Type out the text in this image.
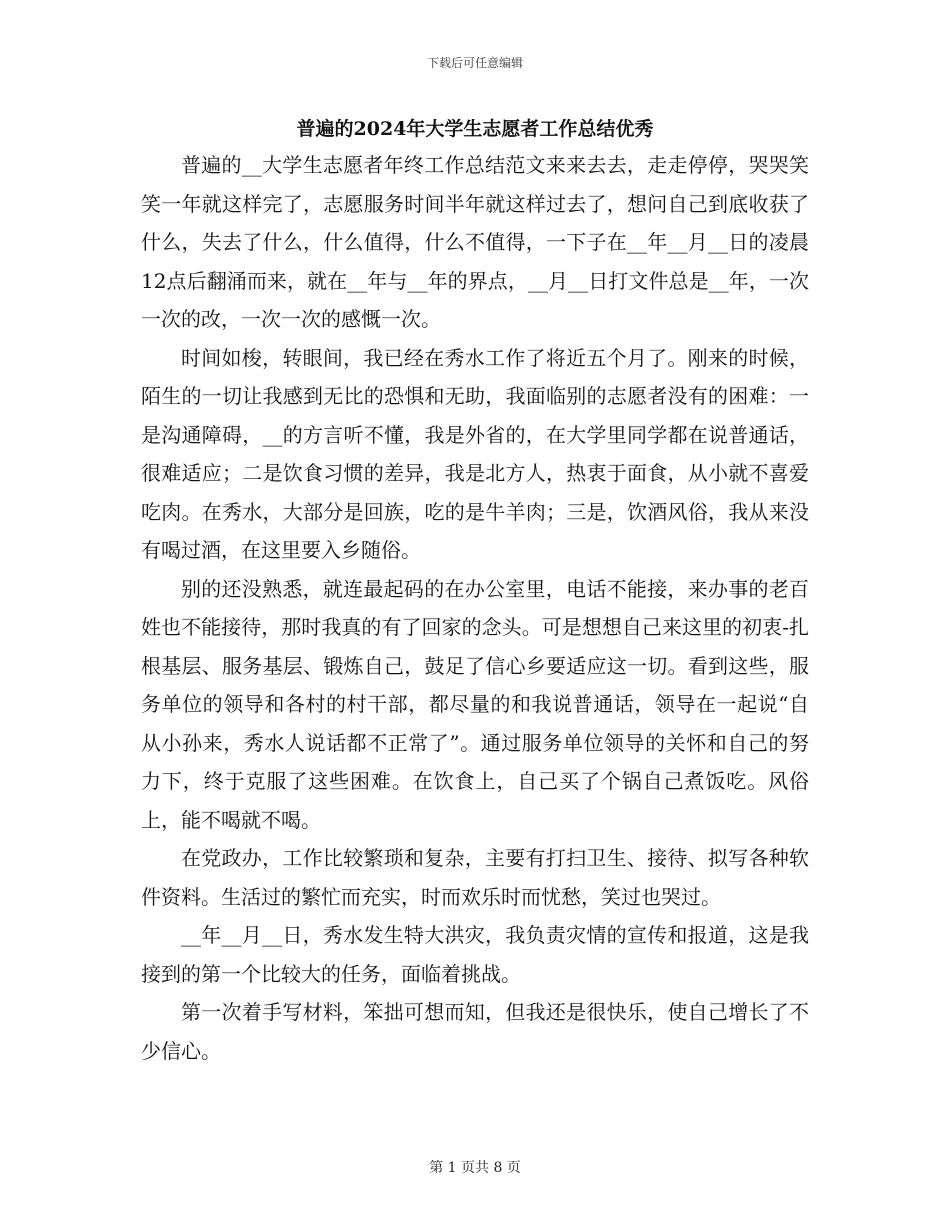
下载后可任意编辑
普遍的2024年大学生志愿者工作总结优秀

普遍的__大学生志愿者年终工作总结范文来来去去，走走停停，哭哭笑笑一年就这样完了，志愿服务时间半年就这样过去了，想问自己到底收获了什么，失去了什么，什么值得，什么不值得，一下子在__年__月__日的凌晨12点后翻涌而来，就在__年与__年的界点，__月__日打文件总是__年，一次一次的改，一次一次的感慨一次。

时间如梭，转眼间，我已经在秀水工作了将近五个月了。刚来的时候，陌生的一切让我感到无比的恐惧和无助，我面临别的志愿者没有的困难：一是沟通障碍，__的方言听不懂，我是外省的，在大学里同学都在说普通话，很难适应；二是饮食习惯的差异，我是北方人，热衷于面食，从小就不喜爱吃肉。在秀水，大部分是回族，吃的是牛羊肉；三是，饮酒风俗，我从来没有喝过酒，在这里要入乡随俗。

别的还没熟悉，就连最起码的在办公室里，电话不能接，来办事的老百姓也不能接待，那时我真的有了回家的念头。可是想想自己来这里的初衷-扎根基层、服务基层、锻炼自己，鼓足了信心乡要适应这一切。看到这些，服务单位的领导和各村的村干部，都尽量的和我说普通话，领导在一起说“自从小孙来，秀水人说话都不正常了”。通过服务单位领导的关怀和自己的努力下，终于克服了这些困难。在饮食上，自己买了个锅自己煮饭吃。风俗上，能不喝就不喝。

在党政办，工作比较繁琐和复杂，主要有打扫卫生、接待、拟写各种软件资料。生活过的繁忙而充实，时而欢乐时而忧愁，笑过也哭过。

__年__月__日，秀水发生特大洪灾，我负责灾情的宣传和报道，这是我接到的第一个比较大的任务，面临着挑战。

第一次着手写材料，笨拙可想而知，但我还是很快乐，使自己增长了不少信心。

第 1 页共 8 页
